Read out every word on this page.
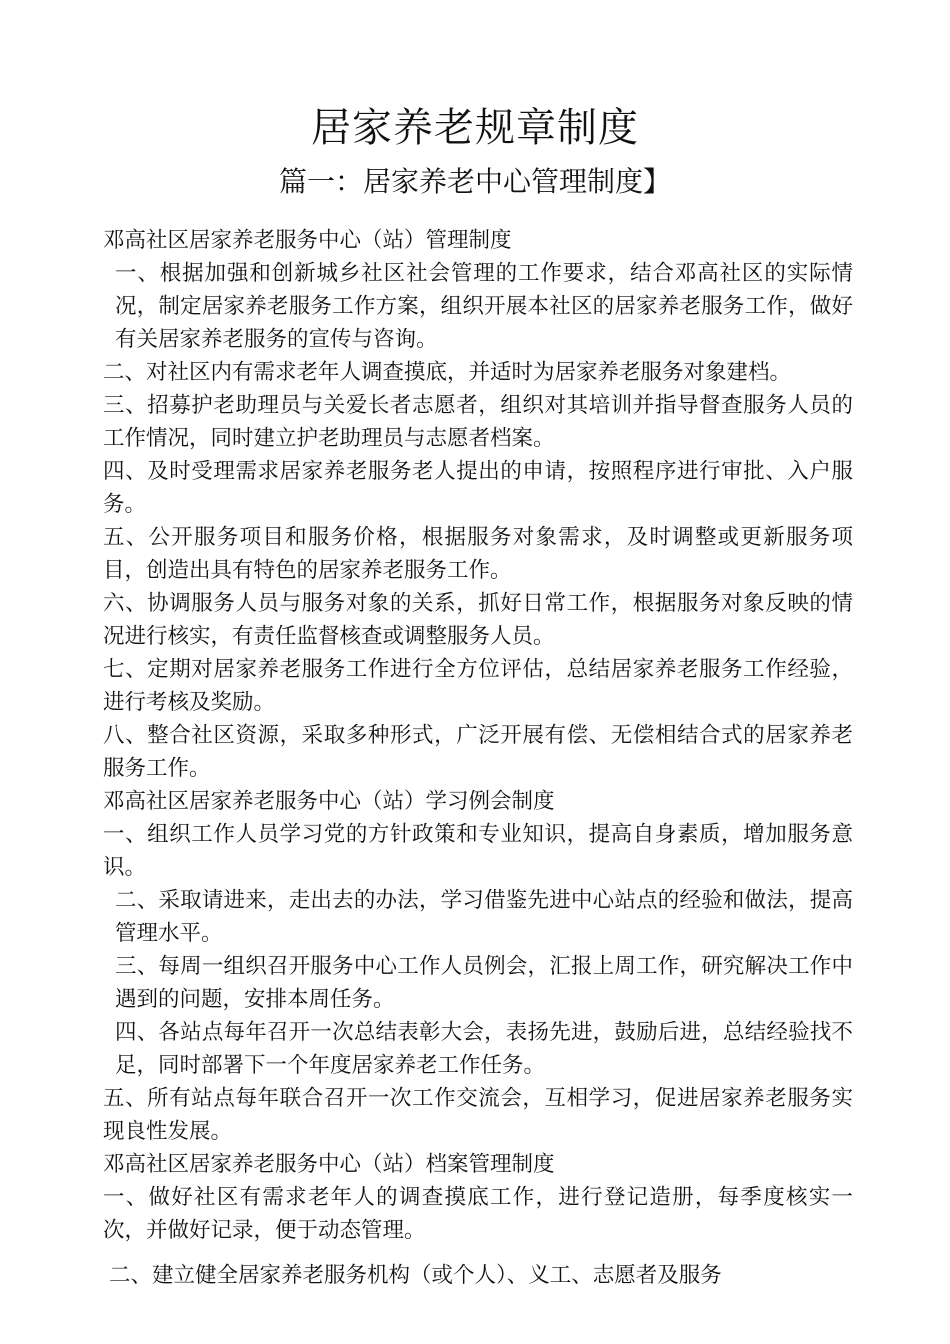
居家养老规章制度
篇一：居家养老中心管理制度】

邓高社区居家养老服务中心（站）管理制度

一、根据加强和创新城乡社区社会管理的工作要求，结合邓高社区的实际情况，制定居家养老服务工作方案，组织开展本社区的居家养老服务工作，做好有关居家养老服务的宣传与咨询。

二、对社区内有需求老年人调查摸底，并适时为居家养老服务对象建档。

三、招募护老助理员与关爱长者志愿者，组织对其培训并指导督查服务人员的工作情况，同时建立护老助理员与志愿者档案。

四、及时受理需求居家养老服务老人提出的申请，按照程序进行审批、入户服务。

五、公开服务项目和服务价格，根据服务对象需求，及时调整或更新服务项目，创造出具有特色的居家养老服务工作。

六、协调服务人员与服务对象的关系，抓好日常工作，根据服务对象反映的情况进行核实，有责任监督核查或调整服务人员。

七、定期对居家养老服务工作进行全方位评估，总结居家养老服务工作经验，进行考核及奖励。

八、整合社区资源，采取多种形式，广泛开展有偿、无偿相结合式的居家养老服务工作。

邓高社区居家养老服务中心（站）学习例会制度

一、组织工作人员学习党的方针政策和专业知识，提高自身素质，增加服务意识。

二、采取请进来，走出去的办法，学习借鉴先进中心站点的经验和做法，提高管理水平。

三、每周一组织召开服务中心工作人员例会，汇报上周工作，研究解决工作中遇到的问题，安排本周任务。

四、各站点每年召开一次总结表彰大会，表扬先进，鼓励后进，总结经验找不足，同时部署下一个年度居家养老工作任务。

五、所有站点每年联合召开一次工作交流会，互相学习，促进居家养老服务实现良性发展。

邓高社区居家养老服务中心（站）档案管理制度

一、做好社区有需求老年人的调查摸底工作，进行登记造册，每季度核实一次，并做好记录，便于动态管理。

二、建立健全居家养老服务机构（或个人）、义工、志愿者及服务
